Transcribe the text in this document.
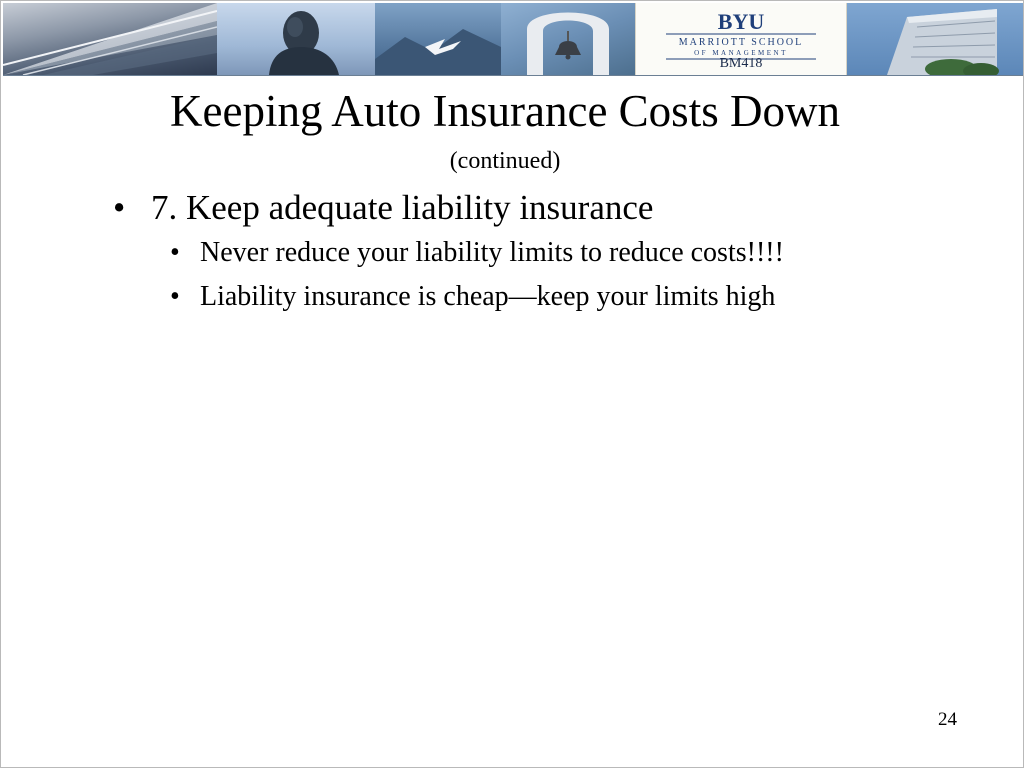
BYU
MARRIOTT SCHOOL
OF MANAGEMENT
BM418
Keeping Auto Insurance Costs Down
(continued)
• 7. Keep adequate liability insurance
• Never reduce your liability limits to reduce costs!!!!
• Liability insurance is cheap—keep your limits high
24
